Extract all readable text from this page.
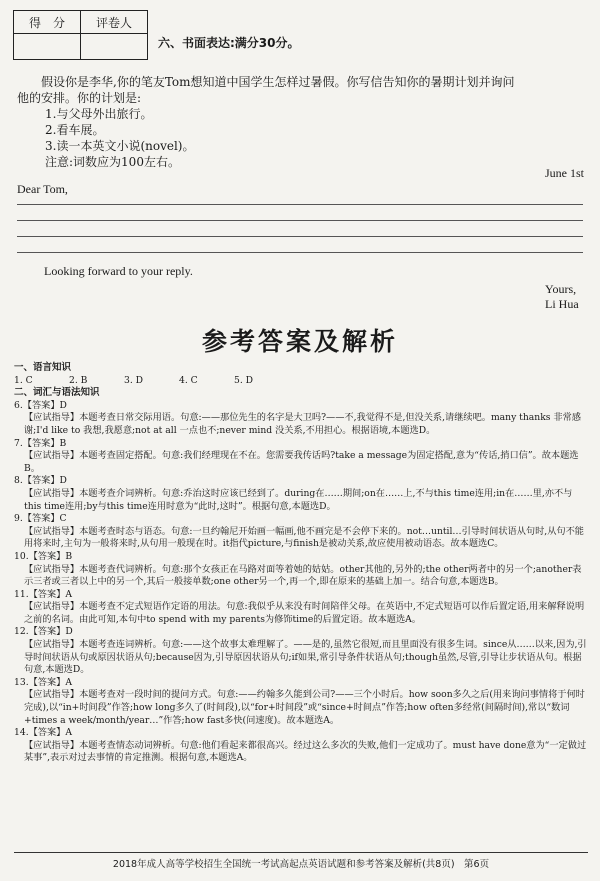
得　分	评卷人

六、书面表达:满分30分。
假设你是李华,你的笔友Tom想知道中国学生怎样过暑假。你写信告知你的暑期计划并询问
他的安排。你的计划是:
1.与父母外出旅行。
2.看车展。
3.读一本英文小说(novel)。
注意:词数应为100左右。
June 1st
Dear Tom,
Looking forward to your reply.
Yours,
Li Hua
参考答案及解析
一、语言知识
1. C	2. B	3. D	4. C	5. D
二、词汇与语法知识
6.【答案】D
【应试指导】本题考查日常交际用语。句意:——那位先生的名字是大卫吗?——不,我觉得不是,但没关系,请继续吧。many thanks 非常感谢;I'd like to 我想,我愿意;not at all 一点也不;never mind 没关系,不用担心。根据语境,本题选D。
7.【答案】B
【应试指导】本题考查固定搭配。句意:我们经理现在不在。您需要我传话吗?take a message为固定搭配,意为“传话,捎口信”。故本题选B。
8.【答案】D
【应试指导】本题考查介词辨析。句意:乔治这时应该已经到了。during在……期间;on在……上,不与this time连用;in在……里,亦不与this time连用;by与this time连用时意为“此时,这时”。根据句意,本题选D。
9.【答案】C
【应试指导】本题考查时态与语态。句意:一旦约翰尼开始画一幅画,他不画完是不会停下来的。not…until…引导时间状语从句时,从句不能用将来时,主句为一般将来时,从句用一般现在时。it指代picture,与finish是被动关系,故应使用被动语态。故本题选C。
10.【答案】B
【应试指导】本题考查代词辨析。句意:那个女孩正在马路对面等着她的姑姑。other其他的,另外的;the other两者中的另一个;another表示三者或三者以上中的另一个,其后一般接单数;one other另一个,再一个,即在原来的基础上加一。结合句意,本题选B。
11.【答案】A
【应试指导】本题考查不定式短语作定语的用法。句意:我似乎从来没有时间陪伴父母。在英语中,不定式短语可以作后置定语,用来解释说明之前的名词。由此可知,本句中to spend with my parents为修饰time的后置定语。故本题选A。
12.【答案】D
【应试指导】本题考查连词辨析。句意:——这个故事太难理解了。——是的,虽然它很短,而且里面没有很多生词。since从……以来,因为,引导时间状语从句或原因状语从句;because因为,引导原因状语从句;if如果,常引导条件状语从句;though虽然,尽管,引导让步状语从句。根据句意,本题选D。
13.【答案】A
【应试指导】本题考查对一段时间的提问方式。句意:——约翰多久能到公司?——三个小时后。how soon多久之后(用来询问事情将于何时完成),以“in+时间段”作答;how long多久了(时间段),以“for+时间段”或“since+时间点”作答;how often多经常(间隔时间),常以“数词+times a week/month/year…”作答;how fast多快(问速度)。故本题选A。
14.【答案】A
【应试指导】本题考查情态动词辨析。句意:他们看起来都很高兴。经过这么多次的失败,他们一定成功了。must have done意为“一定做过某事”,表示对过去事情的肯定推测。根据句意,本题选A。
2018年成人高等学校招生全国统一考试高起点英语试题和参考答案及解析(共8页)　第6页
